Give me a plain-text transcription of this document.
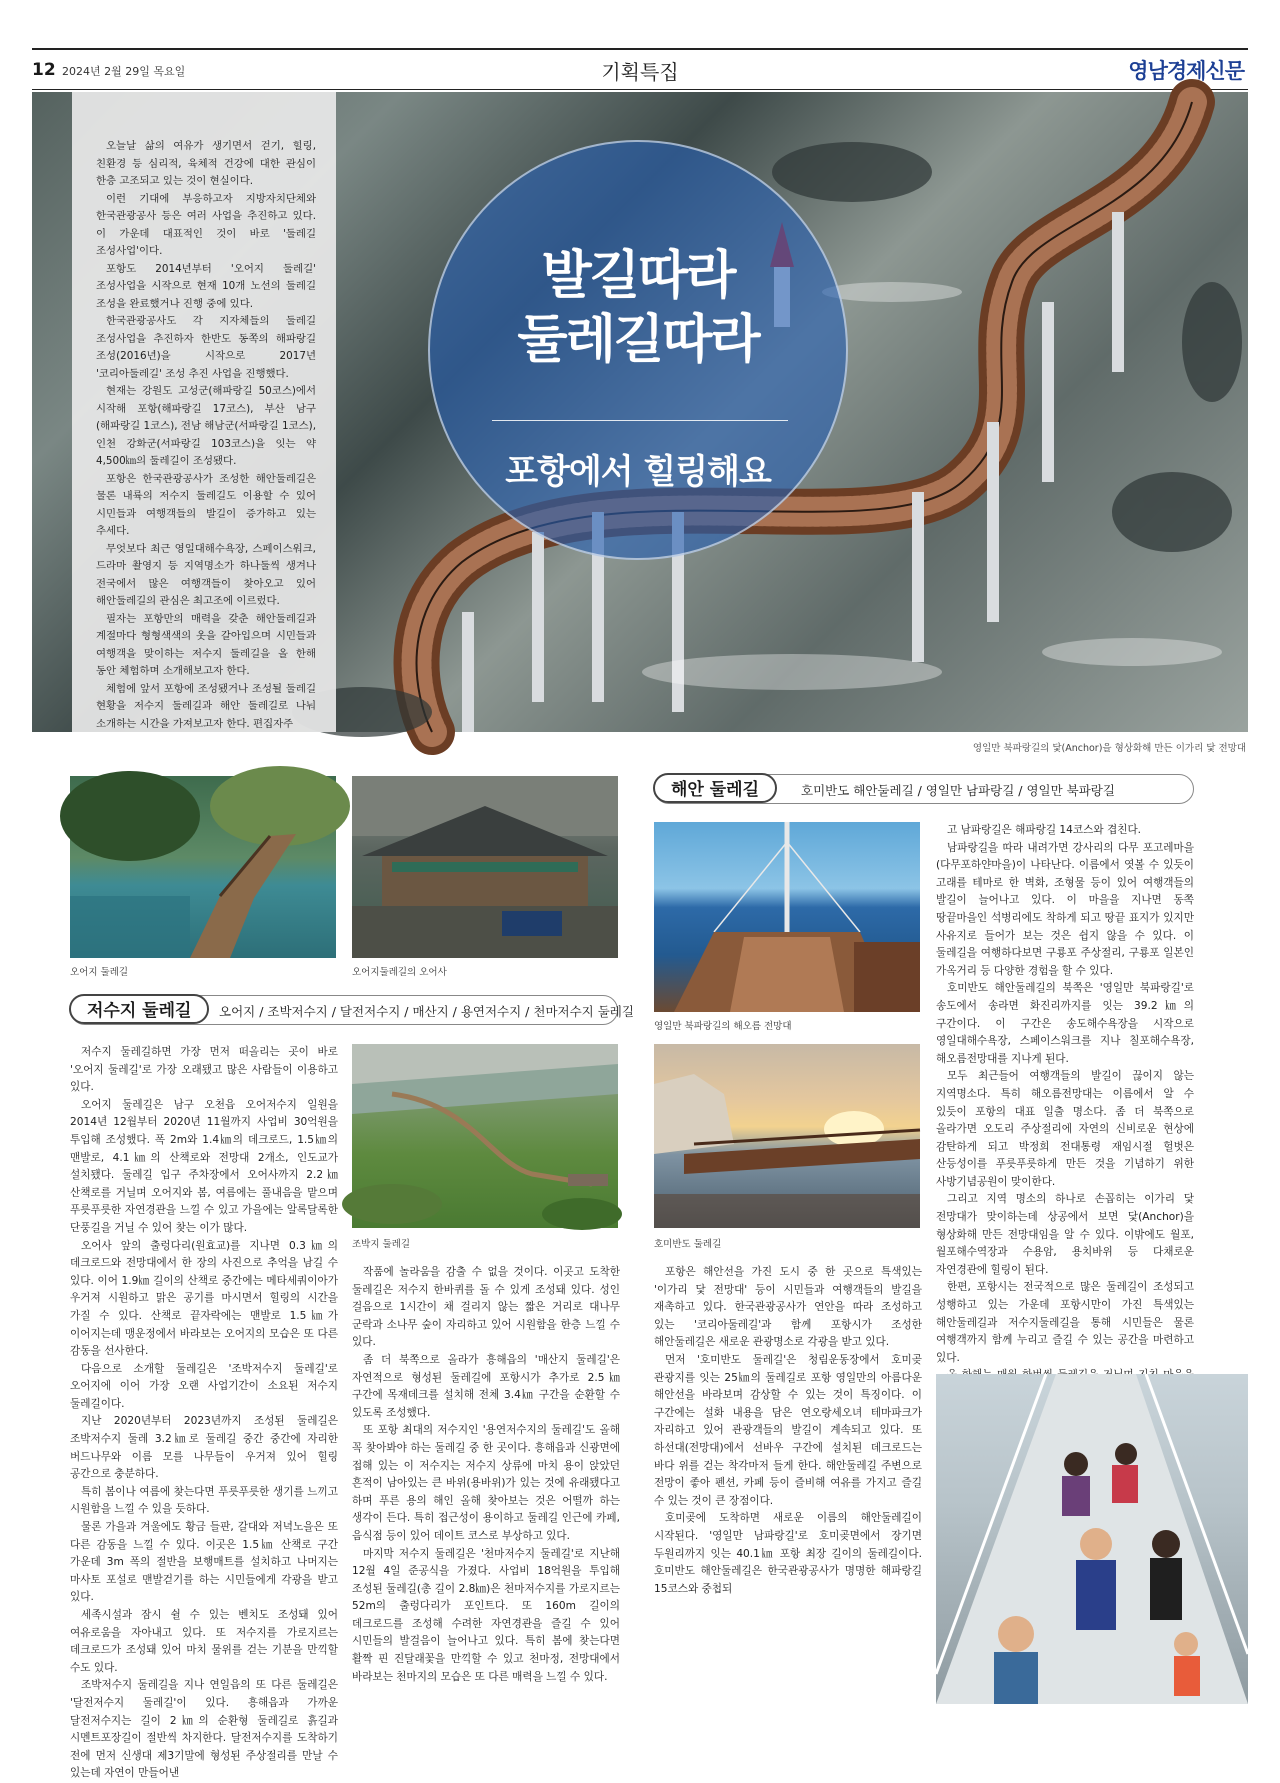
12 2024년 2월 29일 목요일	기획특집	영남경제신문

오늘날 삶의 여유가 생기면서 걷기, 힐링, 친환경 등 심리적, 육체적 건강에 대한 관심이 한층 고조되고 있는 것이 현실이다.

이런 기대에 부응하고자 지방자치단체와 한국관광공사 등은 여러 사업을 추진하고 있다. 이 가운데 대표적인 것이 바로 '둘레길 조성사업'이다.

포항도 2014년부터 '오어지 둘레길' 조성사업을 시작으로 현재 10개 노선의 둘레길 조성을 완료했거나 진행 중에 있다.

한국관광공사도 각 지자체들의 둘레길 조성사업을 추진하자 한반도 동쪽의 해파랑길 조성(2016년)을 시작으로 2017년 '코리아둘레길' 조성 추진 사업을 진행했다.

현재는 강원도 고성군(해파랑길 50코스)에서 시작해 포항(해파랑길 17코스), 부산 남구(해파랑길 1코스), 전남 해남군(서파랑길 1코스), 인천 강화군(서파랑길 103코스)을 잇는 약 4,500㎞의 둘레길이 조성됐다.

포항은 한국관광공사가 조성한 해안둘레길은 물론 내륙의 저수지 둘레길도 이용할 수 있어 시민들과 여행객들의 발길이 증가하고 있는 추세다.

무엇보다 최근 영일대해수욕장, 스페이스워크, 드라마 촬영지 등 지역명소가 하나둘씩 생겨나 전국에서 많은 여행객들이 찾아오고 있어 해안둘레길의 관심은 최고조에 이르렀다.

필자는 포항만의 매력을 갖춘 해안둘레길과 계절마다 형형색색의 옷을 갈아입으며 시민들과 여행객을 맞이하는 저수지 둘레길을 올 한해 동안 체험하며 소개해보고자 한다.

체험에 앞서 포항에 조성됐거나 조성될 둘레길 현황을 저수지 둘레길과 해안 둘레길로 나눠 소개하는 시간을 가져보고자 한다. 편집자주

발길따라
둘레길따라
포항에서 힐링해요
영일만 북파랑길의 닻(Anchor)을 형상화해 만든 이가리 닻 전망대
오어지 둘레길	오어지둘레길의 오어사
저수지 둘레길	오어지 / 조박저수지 / 달전저수지 / 매산지 / 용연저수지 / 천마저수지 둘레길

저수지 둘레길하면 가장 먼저 떠올리는 곳이 바로 '오어지 둘레길'로 가장 오래됐고 많은 사람들이 이용하고 있다.

오어지 둘레길은 남구 오천읍 오어저수지 일원을 2014년 12월부터 2020년 11월까지 사업비 30억원을 투입해 조성했다. 폭 2m와 1.4㎞의 데크로드, 1.5㎞의 맨발로, 4.1㎞의 산책로와 전망대 2개소, 인도교가 설치됐다. 둘레길 입구 주차장에서 오어사까지 2.2㎞ 산책로를 거닐며 오어지와 봄, 여름에는 풀내음을 맡으며 푸릇푸릇한 자연경관을 느낄 수 있고 가을에는 알록달록한 단풍길을 거닐 수 있어 찾는 이가 많다.

오어사 앞의 출렁다리(원효교)를 지나면 0.3㎞의 데크로드와 전망대에서 한 장의 사진으로 추억을 남길 수 있다. 이어 1.9㎞ 길이의 산책로 중간에는 메타세쿼이아가 우거져 시원하고 맑은 공기를 마시면서 힐링의 시간을 가질 수 있다. 산책로 끝자락에는 맨발로 1.5㎞가 이어지는데 맹운정에서 바라보는 오어지의 모습은 또 다른 감동을 선사한다.

다음으로 소개할 둘레길은 '조박저수지 둘레길'로 오어지에 이어 가장 오랜 사업기간이 소요된 저수지 둘레길이다.

지난 2020년부터 2023년까지 조성된 둘레길은 조박저수지 둘레 3.2㎞로 둘레길 중간 중간에 자리한 버드나무와 이름 모를 나무들이 우거져 있어 힐링 공간으로 충분하다.

특히 봄이나 여름에 찾는다면 푸릇푸릇한 생기를 느끼고 시원함을 느낄 수 있을 듯하다.

물론 가을과 겨울에도 황금 들판, 갈대와 저녁노을은 또 다른 감동을 느낄 수 있다. 이곳은 1.5㎞ 산책로 구간 가운데 3m 폭의 절반을 보행매트를 설치하고 나머지는 마사토 포설로 맨발걷기를 하는 시민들에게 각광을 받고 있다.

세족시설과 잠시 쉴 수 있는 벤치도 조성돼 있어 여유로움을 자아내고 있다. 또 저수지를 가로지르는 데크로드가 조성돼 있어 마치 물위를 걷는 기분을 만끽할 수도 있다.

조박저수지 둘레길을 지나 연일읍의 또 다른 둘레길은 '달전저수지 둘레길'이 있다. 흥해읍과 가까운 달전저수지는 길이 2㎞의 순환형 둘레길로 흙길과 시멘트포장길이 절반씩 차지한다. 달전저수지를 도착하기 전에 먼저 신생대 제3기말에 형성된 주상절리를 만날 수 있는데 자연이 만들어낸

조박지 둘레길

작품에 놀라움을 감출 수 없을 것이다. 이곳고 도착한 둘레길은 저수지 한바퀴를 돌 수 있게 조성돼 있다. 성인 걸음으로 1시간이 채 걸리지 않는 짧은 거리로 대나무 군락과 소나무 숲이 자리하고 있어 시원함을 한층 느낄 수 있다.

좀 더 북쪽으로 올라가 흥해읍의 '매산지 둘레길'은 자연적으로 형성된 둘레길에 포항시가 추가로 2.5㎞ 구간에 목재데크를 설치해 전체 3.4㎞ 구간을 순환할 수 있도록 조성했다.

또 포항 최대의 저수지인 '용연저수지의 둘레길'도 올해 꼭 찾아봐야 하는 둘레길 중 한 곳이다. 흥해읍과 신광면에 접해 있는 이 저수지는 저수지 상류에 마치 용이 앉았던 흔적이 남아있는 큰 바위(용바위)가 있는 것에 유래됐다고 하며 푸른 용의 해인 올해 찾아보는 것은 어떨까 하는 생각이 든다. 특히 접근성이 용이하고 둘레길 인근에 카페, 음식점 등이 있어 데이트 코스로 부상하고 있다.

마지막 저수지 둘레길은 '천마저수지 둘레길'로 지난해 12월 4일 준공식을 가졌다. 사업비 18억원을 투입해 조성된 둘레길(총 길이 2.8㎞)은 천마저수지를 가로지르는 52m의 출렁다리가 포인트다. 또 160m 길이의 데크로드를 조성해 수려한 자연경관을 즐길 수 있어 시민들의 발걸음이 늘어나고 있다. 특히 봄에 찾는다면 활짝 핀 진달래꽃을 만끽할 수 있고 천마정, 전망대에서 바라보는 천마지의 모습은 또 다른 매력을 느낄 수 있다.

해안 둘레길	호미반도 해안둘레길 / 영일만 남파랑길 / 영일만 북파랑길
영일만 북파랑길의 해오름 전망대
호미반도 둘레길

포항은 해안선을 가진 도시 중 한 곳으로 특색있는 '이가리 닻 전망대' 등이 시민들과 여행객들의 발길을 재촉하고 있다. 한국관광공사가 연안을 따라 조성하고 있는 '코리아둘레길'과 함께 포항시가 조성한 해안둘레길은 새로운 관광명소로 각광을 받고 있다.

먼저 '호미반도 둘레길'은 청림운동장에서 호미곶 관광지를 잇는 25㎞의 둘레길로 포항 영일만의 아름다운 해안선을 바라보며 감상할 수 있는 것이 특징이다. 이 구간에는 설화 내용을 담은 연오랑세오녀 테마파크가 자리하고 있어 관광객들의 발길이 계속되고 있다. 또 하선대(전망대)에서 선바우 구간에 설치된 데크로드는 바다 위를 걷는 착각마저 들게 한다. 해안둘레길 주변으로 전망이 좋아 펜션, 카페 등이 즐비해 여유를 가지고 즐길 수 있는 것이 큰 장점이다.

호미곶에 도착하면 새로운 이름의 해안둘레길이 시작된다. '영일만 남파랑길'로 호미곶면에서 장기면 두원리까지 잇는 40.1㎞ 포항 최장 길이의 둘레길이다. 호미반도 해안둘레길은 한국관광공사가 명명한 해파랑길 15코스와 중첩되

고 남파랑길은 해파랑길 14코스와 겹친다.

남파랑길을 따라 내려가면 강사리의 다무 포고레마을(다무포하얀마을)이 나타난다. 이름에서 엿볼 수 있듯이 고래를 테마로 한 벽화, 조형물 등이 있어 여행객들의 발길이 늘어나고 있다. 이 마을을 지나면 동쪽 땅끝마을인 석병리에도 착하게 되고 땅끝 표지가 있지만 사유지로 들어가 보는 것은 쉽지 않을 수 있다. 이 둘레길을 여행하다보면 구룡포 주상절리, 구룡포 일본인 가옥거리 등 다양한 경험을 할 수 있다.

호미반도 해안둘레길의 북쪽은 '영일만 북파랑길'로 송도에서 송라면 화진리까지를 잇는 39.2㎞의 구간이다. 이 구간은 송도해수욕장을 시작으로 영일대해수욕장, 스페이스워크를 지나 칠포해수욕장, 해오름전망대를 지나게 된다.

모두 최근들어 여행객들의 발길이 끊이지 않는 지역명소다. 특히 해오름전망대는 이름에서 알 수 있듯이 포항의 대표 일출 명소다. 좀 더 북쪽으로 올라가면 오도리 주상절리에 자연의 신비로운 현상에 감탄하게 되고 박정희 전대통령 재임시절 헐벗은 산등성이를 푸릇푸릇하게 만든 것을 기념하기 위한 사방기념공원이 맞이한다.

그리고 지역 명소의 하나로 손꼽히는 이가리 닻 전망대가 맞이하는데 상공에서 보면 닻(Anchor)을 형상화해 만든 전망대임을 알 수 있다. 이밖에도 월포, 월포해수역장과 수용암, 용치바위 등 다채로운 자연경관에 힐링이 된다.

한편, 포항시는 전국적으로 많은 둘레길이 조성되고 성행하고 있는 가운데 포항시만이 가진 특색있는 해안둘레길과 저수지둘레길을 통해 시민들은 물론 여행객까지 함께 누리고 즐길 수 있는 공간을 마련하고 있다.
